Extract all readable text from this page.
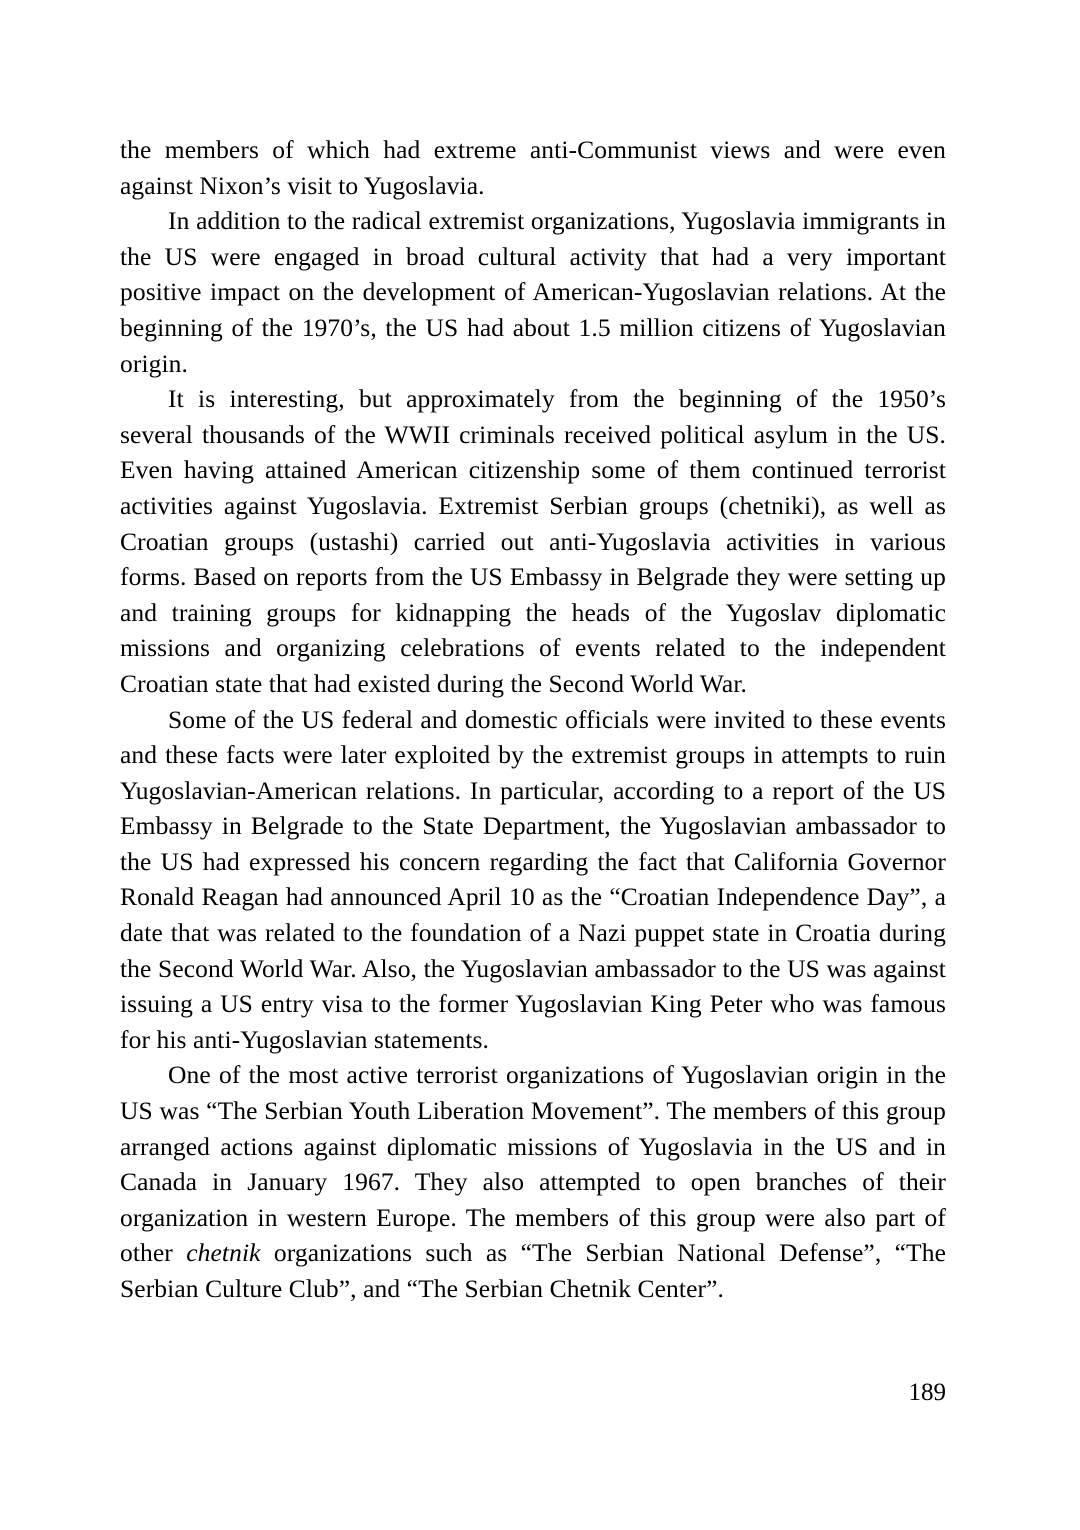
the members of which had extreme anti-Communist views and were even against Nixon’s visit to Yugoslavia.

In addition to the radical extremist organizations, Yugoslavia immigrants in the US were engaged in broad cultural activity that had a very important positive impact on the development of American-Yugoslavian relations. At the beginning of the 1970’s, the US had about 1.5 million citizens of Yugoslavian origin.

It is interesting, but approximately from the beginning of the 1950’s several thousands of the WWII criminals received political asylum in the US. Even having attained American citizenship some of them continued terrorist activities against Yugoslavia. Extremist Serbian groups (chetniki), as well as Croatian groups (ustashi) carried out anti-Yugoslavia activities in various forms. Based on reports from the US Embassy in Belgrade they were setting up and training groups for kidnapping the heads of the Yugoslav diplomatic missions and organizing celebrations of events related to the independent Croatian state that had existed during the Second World War.

Some of the US federal and domestic officials were invited to these events and these facts were later exploited by the extremist groups in attempts to ruin Yugoslavian-American relations. In particular, according to a report of the US Embassy in Belgrade to the State Department, the Yugoslavian ambassador to the US had expressed his concern regarding the fact that California Governor Ronald Reagan had announced April 10 as the “Croatian Independence Day”, a date that was related to the foundation of a Nazi puppet state in Croatia during the Second World War. Also, the Yugoslavian ambassador to the US was against issuing a US entry visa to the former Yugoslavian King Peter who was famous for his anti-Yugoslavian statements.

One of the most active terrorist organizations of Yugoslavian origin in the US was “The Serbian Youth Liberation Movement”. The members of this group arranged actions against diplomatic missions of Yugoslavia in the US and in Canada in January 1967. They also attempted to open branches of their organization in western Europe. The members of this group were also part of other chetnik organizations such as “The Serbian National Defense”, “The Serbian Culture Club”, and “The Serbian Chetnik Center”.

189
